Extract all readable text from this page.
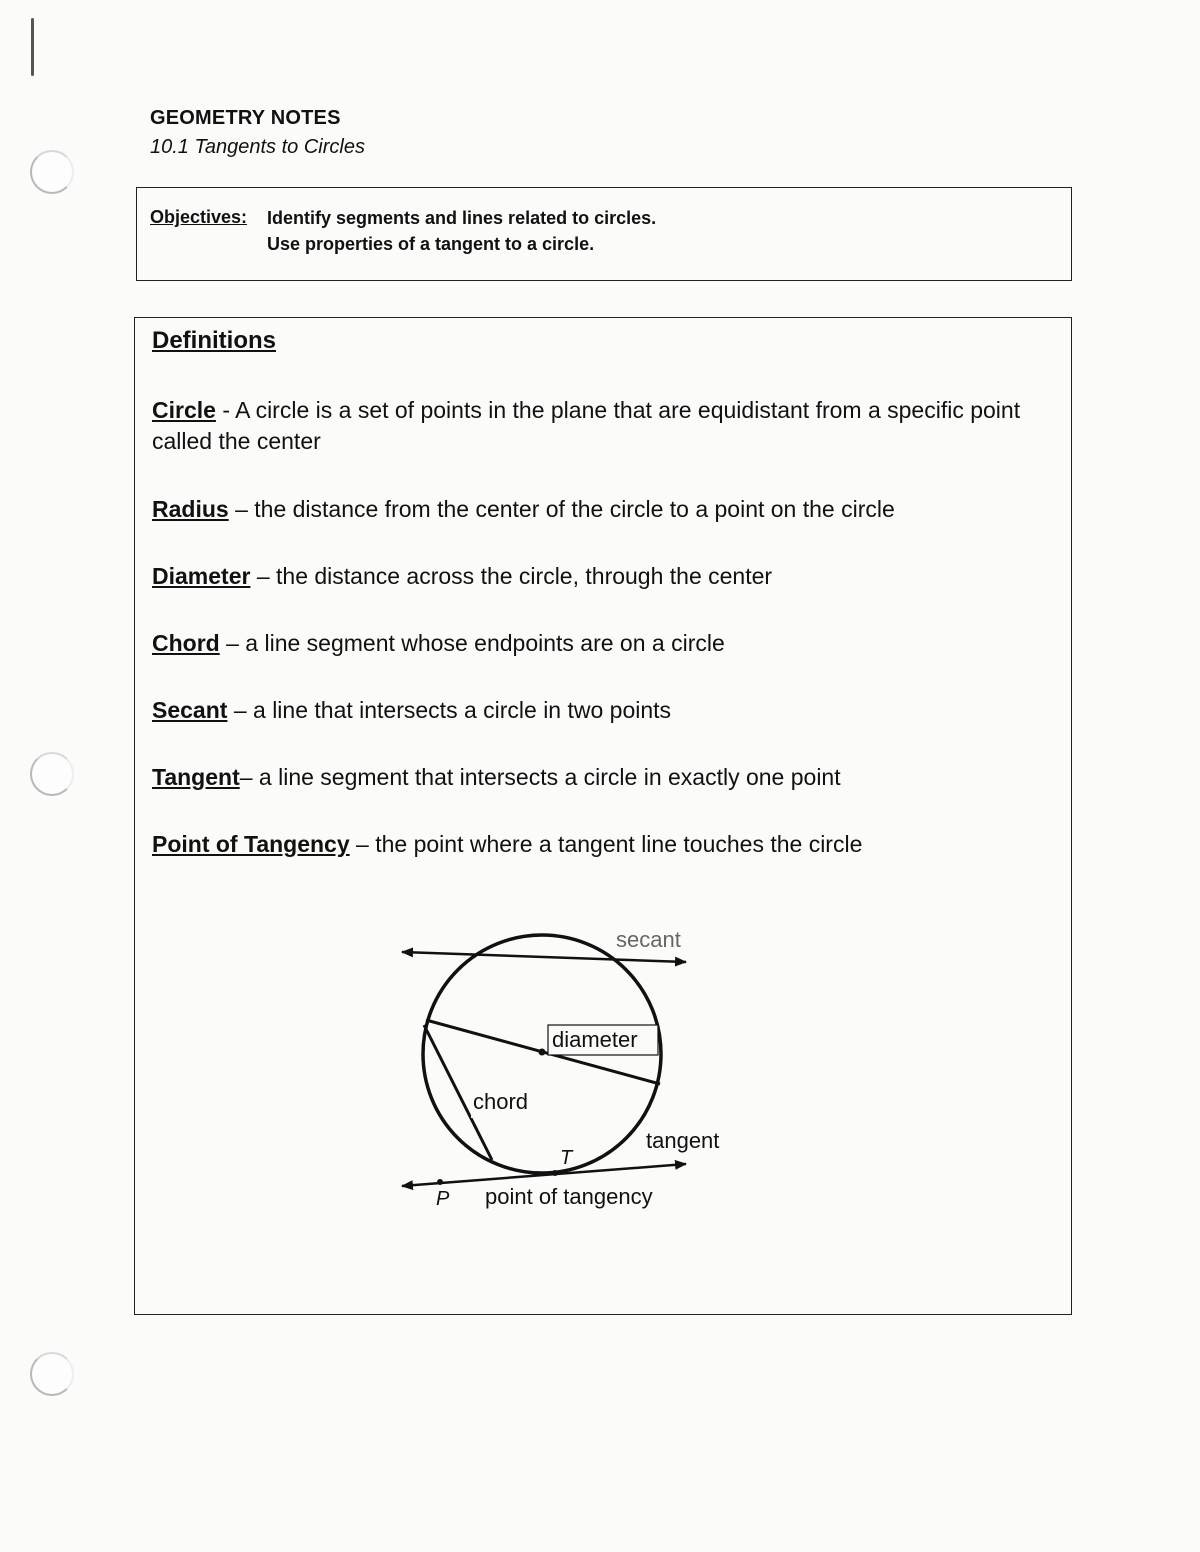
GEOMETRY NOTES
10.1 Tangents to Circles
Objectives: Identify segments and lines related to circles.
Use properties of a tangent to a circle.
Definitions
Circle - A circle is a set of points in the plane that are equidistant from a specific point called the center
Radius – the distance from the center of the circle to a point on the circle
Diameter – the distance across the circle, through the center
Chord – a line segment whose endpoints are on a circle
Secant – a line that intersects a circle in two points
Tangent– a line segment that intersects a circle in exactly one point
Point of Tangency – the point where a tangent line touches the circle
secant
diameter
chord
tangent
T
P point of tangency
